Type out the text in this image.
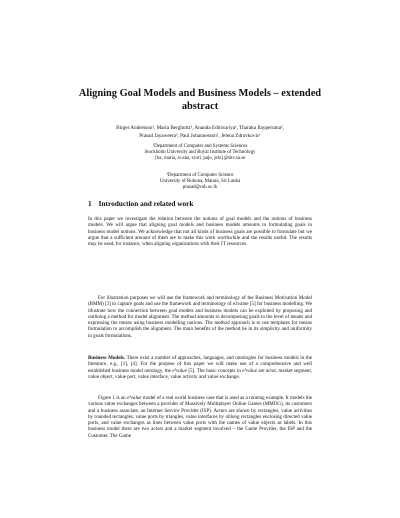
Aligning Goal Models and Business Models – extended abstract
Birger Andersson¹, Maria Bergholtz¹, Ananda Edirisuriya¹, Tharaka Ilayperuma²,
Prasad Jayaweera², Paul Johannesson¹, Jelena Zdravkovic¹
¹Department of Computer and Systems Sciences
Stockholm University and Royal Institute of Technology
{ba, maria, si-ana, si-tri, pajo, jelz}@dsv.su.se
²Department of Computer Science
University of Ruhuna, Matara, Sri Lanka
prasad@ruh.ac.lk
1 Introduction and related work

In this paper we investigate the relation between the notions of goal models and the notions of business models. We will argue that aligning goal models and business models amounts to formulating goals in business model notions. We acknowledge that not all kinds of business goals are possible to formulate but we argue that a sufficient amount of them are to make this work worthwhile and the results useful. The results may be used, for instance, when aligning organizations with their IT resources.

For illustration purposes we will use the framework and terminology of the Business Motivation Model (BMM) [3] to capture goals and use the framework and terminology of e3value [5] for business modelling. We illustrate how the connection between goal models and business models can be exploited by proposing and outlining a method for model alignment. The method amounts to decomposing goals to the level of means and expressing the means using business modelling notions. The method approach is to use templates for means formulation to accomplish the alignment. The main benefits of the method lie in its simplicity and uniformity in goals formulations.

Business Models. There exist a number of approaches, languages, and ontologies for business models in the literature, e.g., [1], [4]. For the purpose of this paper we will make use of a comprehensive and well established business model ontology, the e³value [5]. The basic concepts in e³value are actor, market segment, value object, value port, value interface, value activity and value exchange.

Figure 1 is an e³value model of a real world business case that is used as a running example. It models the various value exchanges between a provider of Massively Multiplayer Online Games (MMOG), its customers and a business associate, an Internet Service Provider (ISP). Actors are shown by rectangles, value activities by rounded rectangles, value ports by triangles, value interfaces by oblong rectangles enclosing directed value ports, and value exchanges as lines between value ports with the names of value objects as labels. In this business model there are two actors and a market segment involved – the Game Provider, the ISP and the Customer. The Game
